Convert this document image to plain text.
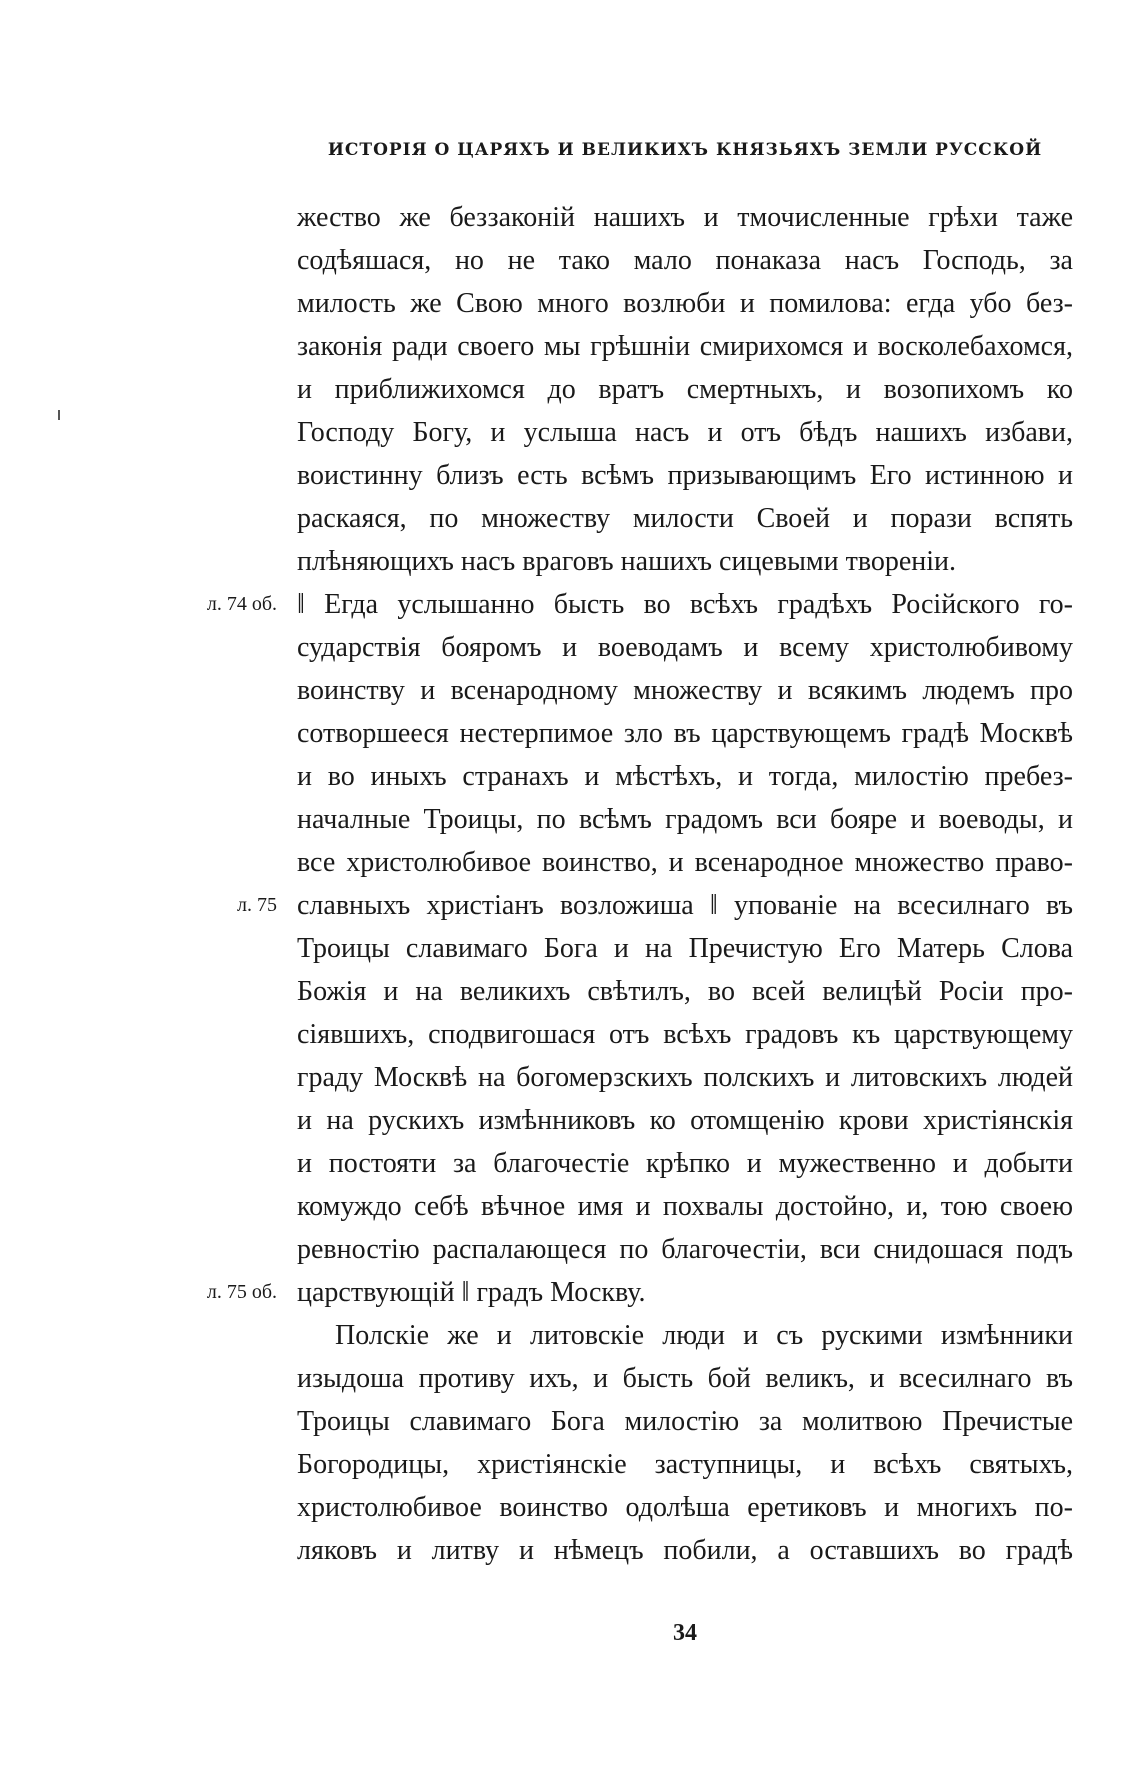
ИСТОРІЯ О ЦАРЯХЪ И ВЕЛИКИХЪ КНЯЗЬЯХЪ ЗЕМЛИ РУССКОЙ
жество же беззаконій нашихъ и тмочисленные грѣхи таже
содѣяшася, но не тако мало понаказа насъ Господь, за
милость же Свою много возлюби и помилова: егда убо без-
законія ради своего мы грѣшніи смирихомся и восколебахомся,
и приближихомся до вратъ смертныхъ, и возопихомъ ко
Господу Богу, и услыша насъ и отъ бѣдъ нашихъ избави,
воистинну близъ есть всѣмъ призывающимъ Его истинною и
раскаяся, по множеству милости Своей и порази вспять
плѣняющихъ насъ враговъ нашихъ сицевыми твореніи.
‖ Егда услышанно бысть во всѣхъ градѣхъ Російского го-
л. 74 об.
сударствія бояромъ и воеводамъ и всему христолюбивому
воинству и всенародному множеству и всякимъ людемъ про
сотворшееся нестерпимое зло въ царствующемъ градѣ Москвѣ
и во иныхъ странахъ и мѣстѣхъ, и тогда, милостію пребез-
началные Троицы, по всѣмъ градомъ вси бояре и воеводы, и
все христолюбивое воинство, и всенародное множество право-
славныхъ христіанъ возложиша ‖ упованіе на всесилнаго въ
л. 75
Троицы славимаго Бога и на Пречистую Его Матерь Слова
Божія и на великихъ свѣтилъ, во всей велицѣй Росіи про-
сіявшихъ, сподвигошася отъ всѣхъ градовъ къ царствующему
граду Москвѣ на богомерзскихъ полскихъ и литовскихъ людей
и на рускихъ измѣнниковъ ко отомщенію крови христіянскія
и постояти за благочестіе крѣпко и мужественно и добыти
комуждо себѣ вѣчное имя и похвалы достойно, и, тою своею
ревностію распалающеся по благочестіи, вси снидошася подъ
царствующій ‖ градъ Москву.
л. 75 об.
Полскіе же и литовскіе люди и съ рускими измѣнники
изыдоша противу ихъ, и бысть бой великъ, и всесилнаго въ
Троицы славимаго Бога милостію за молитвою Пречистые
Богородицы, христіянскіе заступницы, и всѣхъ святыхъ,
христолюбивое воинство одолѣша еретиковъ и многихъ по-
ляковъ и литву и нѣмецъ побили, а оставшихъ во градѣ
34
